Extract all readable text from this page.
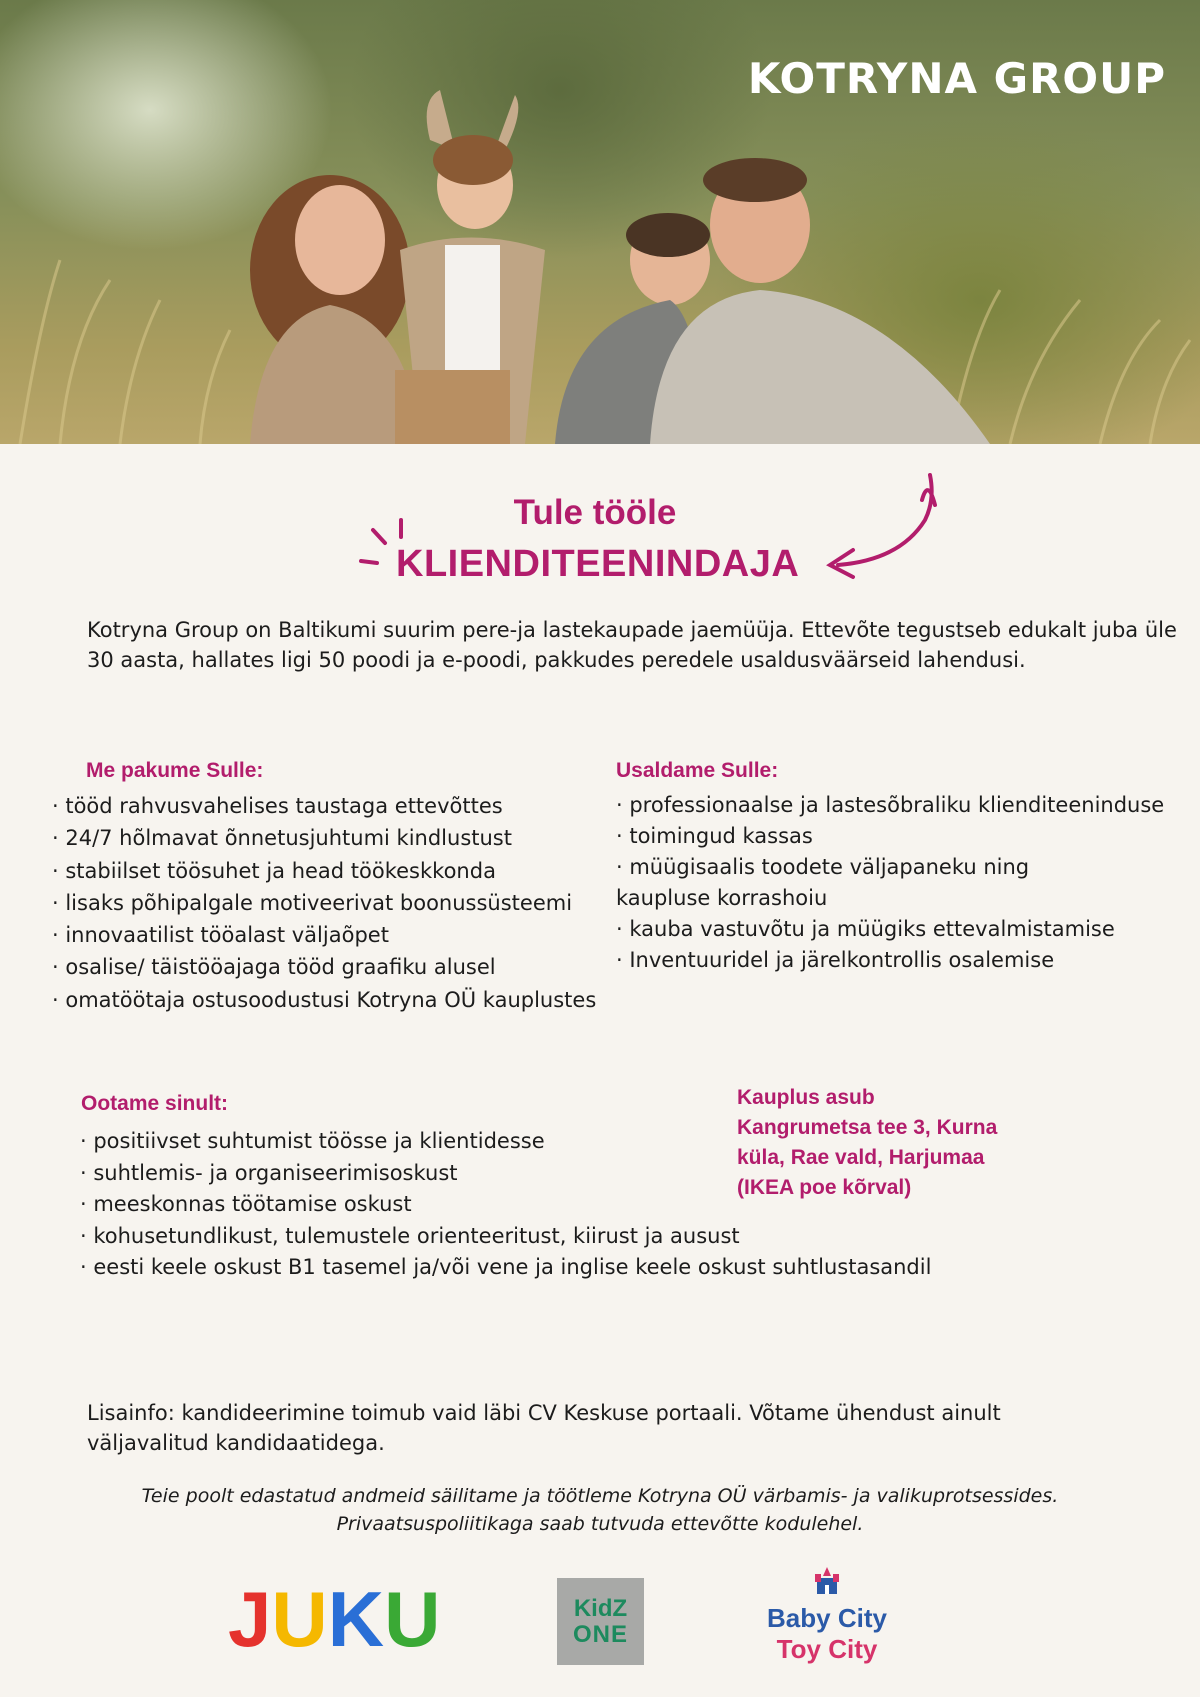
KOTRYNA GROUP
Tule tööle
KLIENDITEENINDAJA
Kotryna Group on Baltikumi suurim pere-ja lastekaupade jaemüüja. Ettevõte tegustseb edukalt juba üle 30 aasta, hallates ligi 50 poodi ja e-poodi, pakkudes peredele usaldusväärseid lahendusi.
Me pakume Sulle:
· tööd rahvusvahelises taustaga ettevõttes
· 24/7 hõlmavat õnnetusjuhtumi kindlustust
· stabiilset töösuhet ja head töökeskkonda
· lisaks põhipalgale motiveerivat boonussüsteemi
· innovaatilist tööalast väljaõpet
· osalise/ täistööajaga tööd graafiku alusel
· omatöötaja ostusoodustusi Kotryna OÜ kauplustes
Usaldame Sulle:
· professionaalse ja lastesõbraliku klienditeeninduse
· toimingud kassas
· müügisaalis toodete väljapaneku ning
kaupluse korrashoiu
· kauba vastuvõtu ja müügiks ettevalmistamise
· Inventuuridel ja järelkontrollis osalemise
Ootame sinult:
· positiivset suhtumist töösse ja klientidesse
· suhtlemis- ja organiseerimisoskust
· meeskonnas töötamise oskust
· kohusetundlikust, tulemustele orienteeritust, kiirust ja ausust
· eesti keele oskust B1 tasemel ja/või vene ja inglise keele oskust suhtlustasandil
Kauplus asub
Kangrumetsa tee 3, Kurna
küla, Rae vald, Harjumaa
(IKEA poe kõrval)
Lisainfo: kandideerimine toimub vaid läbi CV Keskuse portaali. Võtame ühendust ainult väljavalitud kandidaatidega.
Teie poolt edastatud andmeid säilitame ja töötleme Kotryna OÜ värbamis- ja valikuprotsessides.
Privaatsuspoliitikaga saab tutvuda ettevõtte kodulehel.
JUKU	KidZ
ONE
Baby City
Toy City
